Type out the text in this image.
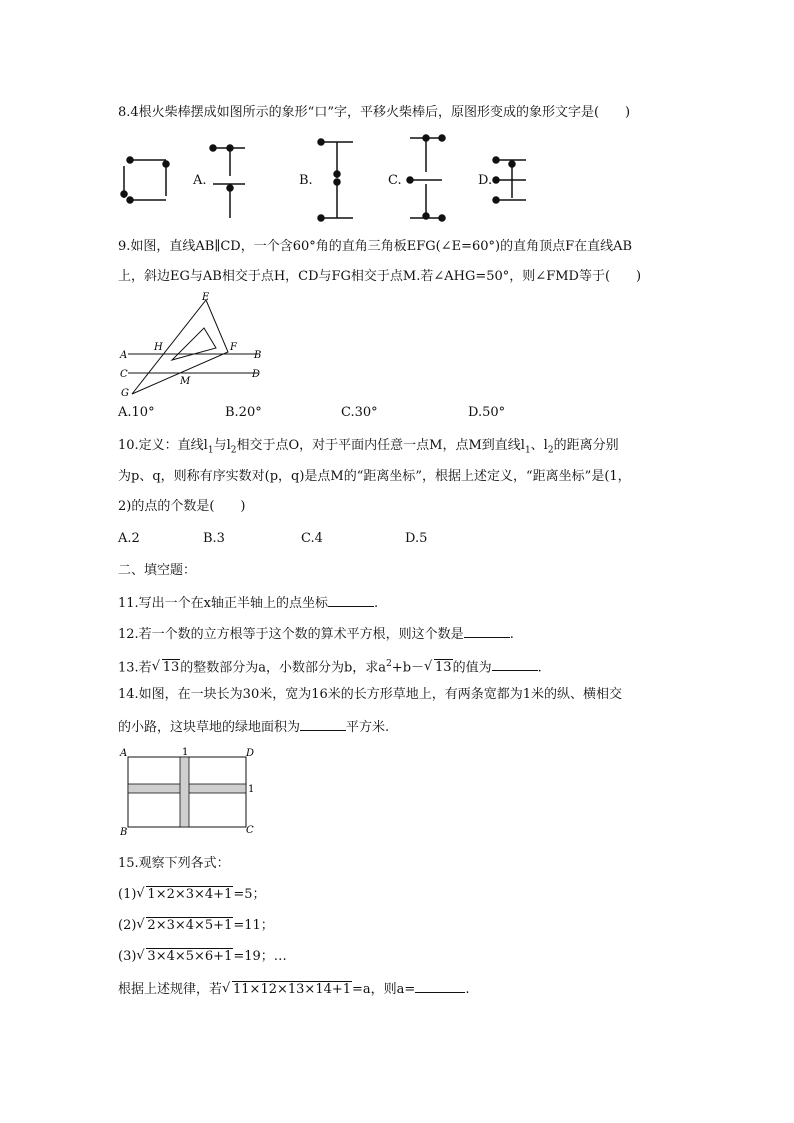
8.4根火柴棒摆成如图所示的象形“口”字，平移火柴棒后，原图形变成的象形文字是(　　)
A.	B.	C.	D.
9.如图，直线AB∥CD，一个含60°角的直角三角板EFG(∠E=60°)的直角顶点F在直线AB
上，斜边EG与AB相交于点H，CD与FG相交于点M.若∠AHG=50°，则∠FMD等于(　　)
E
H	F
A	B
C	D
G
M
A.10°	B.20°	C.30°	D.50°
10.定义：直线$l_1$与$l_2$相交于点O，对于平面内任意一点M，点M到直线$l_1$、$l_2$的距离分别
为p、q，则称有序实数对(p，q)是点M的“距离坐标”，根据上述定义，“距离坐标”是(1，
2)的点的个数是(　　)
A.2	B.3	C.4	D.5
二、填空题：
11.写出一个在x轴正半轴上的点坐标	.
12.若一个数的立方根等于这个数的算术平方根，则这个数是	.
13.若√ 13的整数部分为a，小数部分为b，求$a^2+b-√$ 13的值为	.
14.如图，在一块长为30米，宽为16米的长方形草地上，有两条宽都为1米的纵、横相交
的小路，这块草地的绿地面积为	平方米.
A	1	D
1
B	C
15.观察下列各式：
(1)√ 1×2×3×4+1=5；
(2)√ 2×3×4×5+1=11；
(3)√ 3×4×5×6+1=19；…
根据上述规律，若√ 11×12×13×14+1=a，则a=	.
